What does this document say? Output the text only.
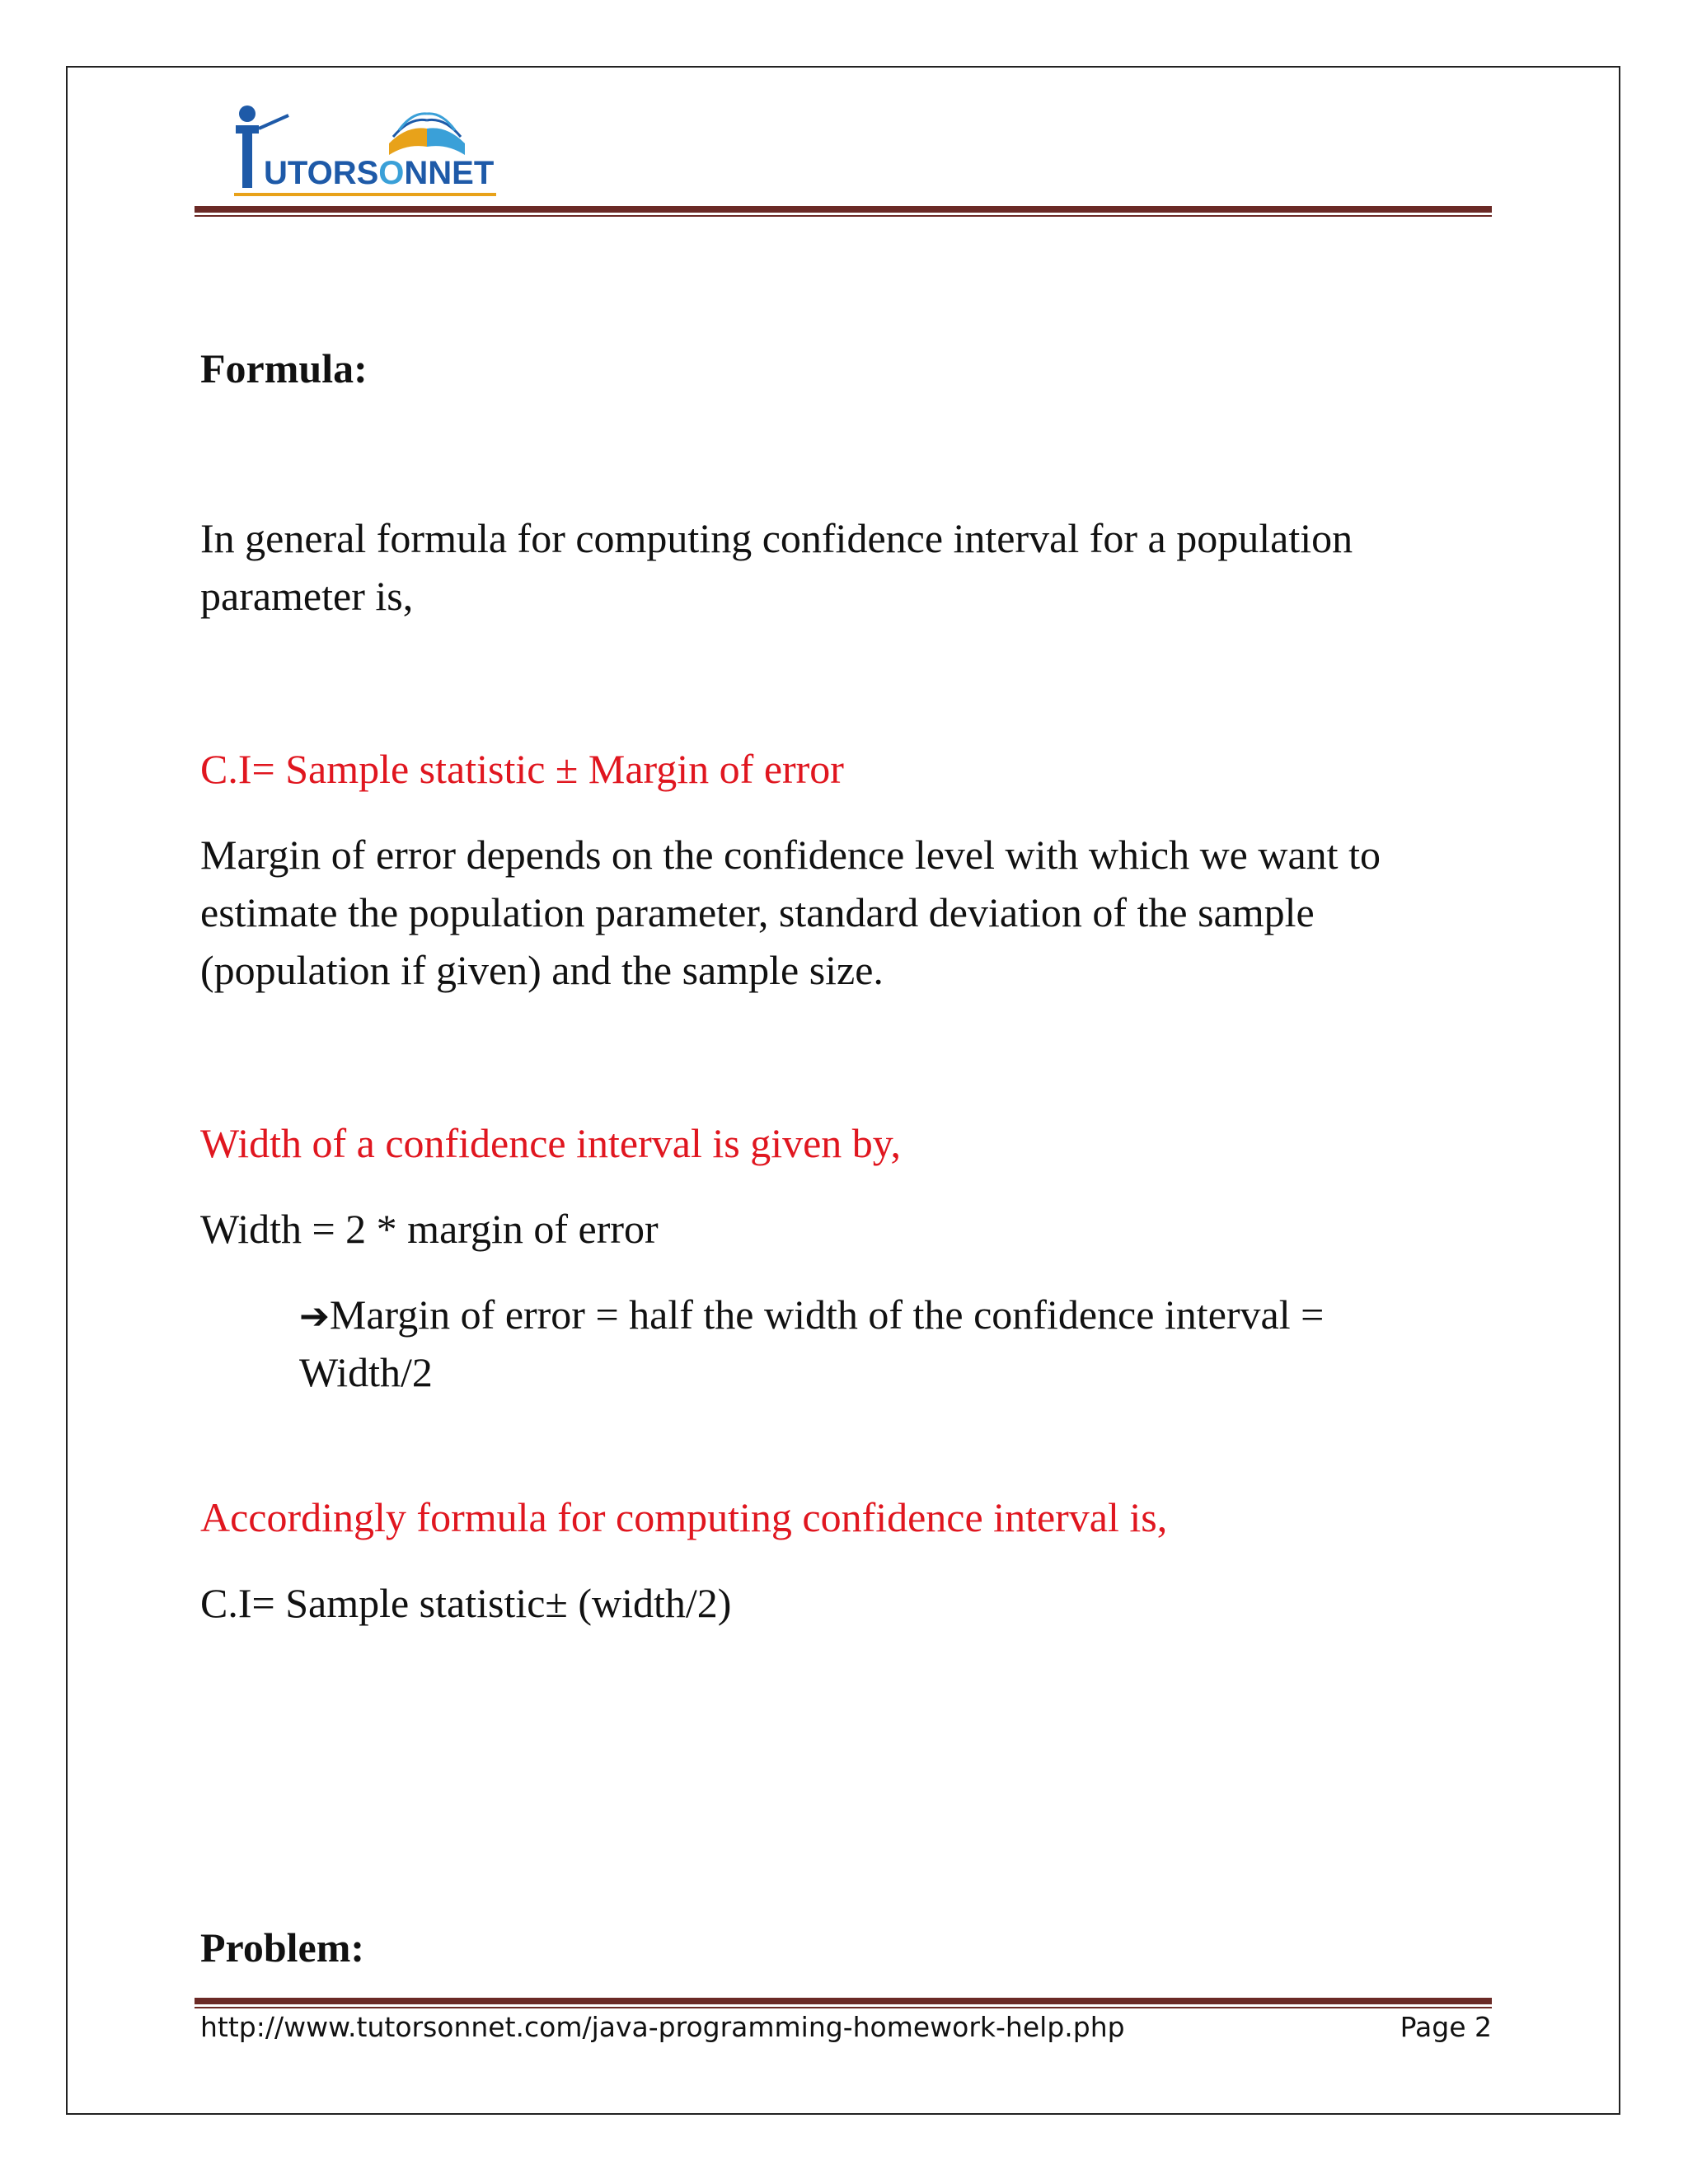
UTORSONNET
Formula:
In general formula for computing confidence interval for a population
parameter is,
C.I= Sample statistic ± Margin of error
Margin of error depends on the confidence level with which we want to
estimate the population parameter, standard deviation of the sample
(population if given) and the sample size.
Width of a confidence interval is given by,
Width = 2 * margin of error
➔Margin of error = half the width of the confidence interval =
Width/2
Accordingly formula for computing confidence interval is,
C.I= Sample statistic± (width/2)
Problem:
http://www.tutorsonnet.com/java-programming-homework-help.php	Page 2
